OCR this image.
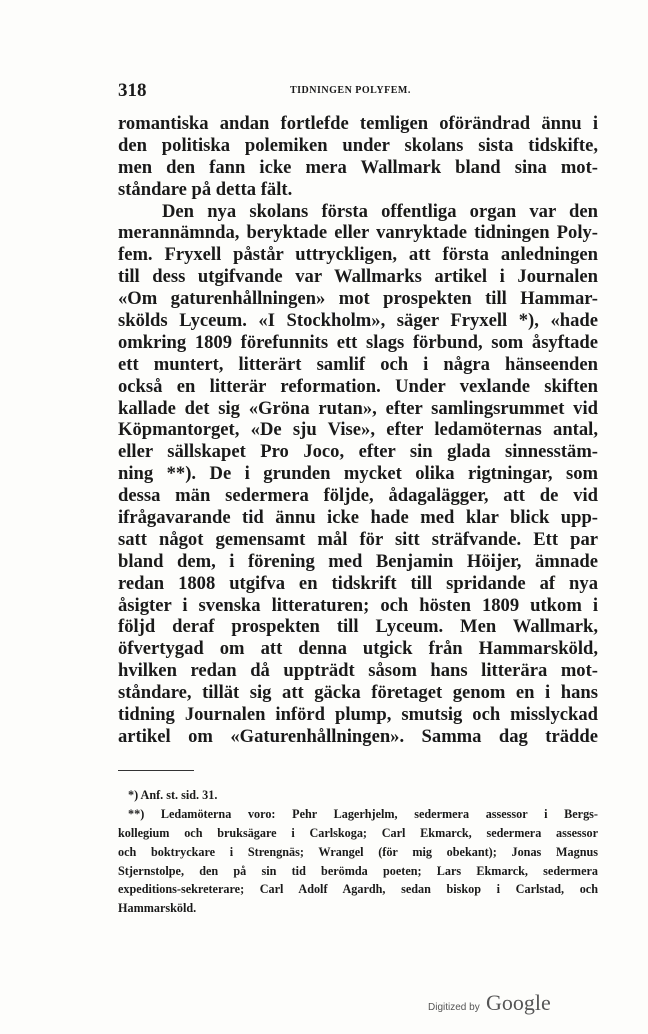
318	TIDNINGEN POLYFEM.
romantiska andan fortlefde temligen oförändrad ännu i
den politiska polemiken under skolans sista tidskifte,
men den fann icke mera Wallmark bland sina mot-
ståndare på detta fält.
Den nya skolans första offentliga organ var den
merannämnda, beryktade eller vanryktade tidningen Poly-
fem. Fryxell påstår uttryckligen, att första anledningen
till dess utgifvande var Wallmarks artikel i Journalen
«Om gaturenhållningen» mot prospekten till Hammar-
skölds Lyceum. «I Stockholm», säger Fryxell *), «hade
omkring 1809 förefunnits ett slags förbund, som åsyftade
ett muntert, litterärt samlif och i några hänseenden
också en litterär reformation. Under vexlande skiften
kallade det sig «Gröna rutan», efter samlingsrummet vid
Köpmantorget, «De sju Vise», efter ledamöternas antal,
eller sällskapet Pro Joco, efter sin glada sinnesstäm-
ning **). De i grunden mycket olika rigtningar, som
dessa män sedermera följde, ådagalägger, att de vid
ifrågavarande tid ännu icke hade med klar blick upp-
satt något gemensamt mål för sitt sträfvande. Ett par
bland dem, i förening med Benjamin Höijer, ämnade
redan 1808 utgifva en tidskrift till spridande af nya
åsigter i svenska litteraturen; och hösten 1809 utkom i
följd deraf prospekten till Lyceum. Men Wallmark,
öfvertygad om att denna utgick från Hammarsköld,
hvilken redan då uppträdt såsom hans litterära mot-
ståndare, tillät sig att gäcka företaget genom en i hans
tidning Journalen införd plump, smutsig och misslyckad
artikel om «Gaturenhållningen». Samma dag trädde
*) Anf. st. sid. 31.
**) Ledamöterna voro: Pehr Lagerhjelm, sedermera assessor i Bergs-
kollegium och bruksägare i Carlskoga; Carl Ekmarck, sedermera assessor
och boktryckare i Strengnäs; Wrangel (för mig obekant); Jonas Magnus
Stjernstolpe, den på sin tid berömda poeten; Lars Ekmarck, sedermera
expeditions-sekreterare; Carl Adolf Agardh, sedan biskop i Carlstad, och
Hammarsköld.
Digitized by Google
